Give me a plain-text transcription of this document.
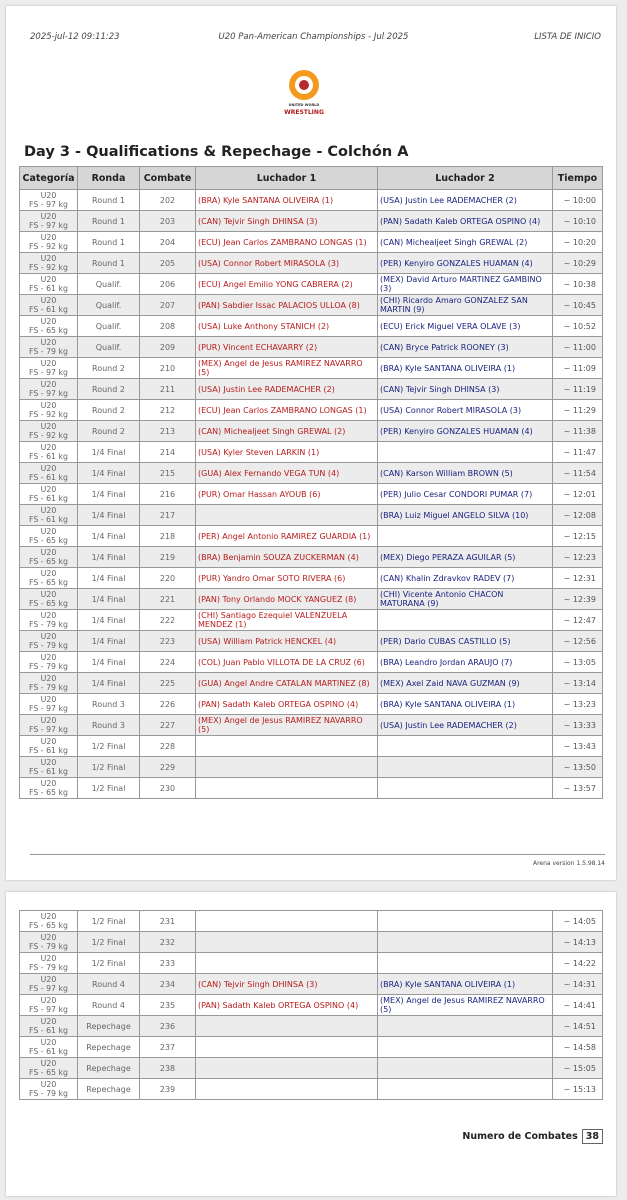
2025-jul-12 09:11:23	U20 Pan-American Championships - Jul 2025	LISTA DE INICIO
UNITED WORLD
WRESTLING
Day 3 - Qualifications & Repechage - Colchón A
Categoría	Ronda	Combate	Luchador 1	Luchador 2	Tiempo

U20
FS - 97 kg	Round 1	202	(BRA) Kyle SANTANA OLIVEIRA (1)	(USA) Justin Lee RADEMACHER (2)	~ 10:00

U20
FS - 97 kg	Round 1	203	(CAN) Tejvir Singh DHINSA (3)	(PAN) Sadath Kaleb ORTEGA OSPINO (4)	~ 10:10

U20
FS - 92 kg	Round 1	204	(ECU) Jean Carlos ZAMBRANO LONGAS (1)	(CAN) Michealjeet Singh GREWAL (2)	~ 10:20

U20
FS - 92 kg	Round 1	205	(USA) Connor Robert MIRASOLA (3)	(PER) Kenyiro GONZALES HUAMAN (4)	~ 10:29

U20
FS - 61 kg	Qualif.	206	(ECU) Angel Emilio YONG CABRERA (2)	(MEX) David Arturo MARTINEZ GAMBINO (3)	~ 10:38

U20
FS - 61 kg	Qualif.	207	(PAN) Sabdier Issac PALACIOS ULLOA (8)	(CHI) Ricardo Amaro GONZALEZ SAN MARTIN (9)	~ 10:45

U20
FS - 65 kg	Qualif.	208	(USA) Luke Anthony STANICH (2)	(ECU) Erick Miguel VERA OLAVE (3)	~ 10:52

U20
FS - 79 kg	Qualif.	209	(PUR) Vincent ECHAVARRY (2)	(CAN) Bryce Patrick ROONEY (3)	~ 11:00

U20
FS - 97 kg	Round 2	210	(MEX) Angel de Jesus RAMIREZ NAVARRO (5)	(BRA) Kyle SANTANA OLIVEIRA (1)	~ 11:09

U20
FS - 97 kg	Round 2	211	(USA) Justin Lee RADEMACHER (2)	(CAN) Tejvir Singh DHINSA (3)	~ 11:19

U20
FS - 92 kg	Round 2	212	(ECU) Jean Carlos ZAMBRANO LONGAS (1)	(USA) Connor Robert MIRASOLA (3)	~ 11:29

U20
FS - 92 kg	Round 2	213	(CAN) Michealjeet Singh GREWAL (2)	(PER) Kenyiro GONZALES HUAMAN (4)	~ 11:38

U20
FS - 61 kg	1/4 Final	214	(USA) Kyler Steven LARKIN (1)		~ 11:47

U20
FS - 61 kg	1/4 Final	215	(GUA) Alex Fernando VEGA TUN (4)	(CAN) Karson William BROWN (5)	~ 11:54

U20
FS - 61 kg	1/4 Final	216	(PUR) Omar Hassan AYOUB (6)	(PER) Julio Cesar CONDORI PUMAR (7)	~ 12:01

U20
FS - 61 kg	1/4 Final	217		(BRA) Luiz Miguel ANGELO SILVA (10)	~ 12:08

U20
FS - 65 kg	1/4 Final	218	(PER) Angel Antonio RAMIREZ GUARDIA (1)		~ 12:15

U20
FS - 65 kg	1/4 Final	219	(BRA) Benjamin SOUZA ZUCKERMAN (4)	(MEX) Diego PERAZA AGUILAR (5)	~ 12:23

U20
FS - 65 kg	1/4 Final	220	(PUR) Yandro Omar SOTO RIVERA (6)	(CAN) Khalin Zdravkov RADEV (7)	~ 12:31

U20
FS - 65 kg	1/4 Final	221	(PAN) Tony Orlando MOCK YANGUEZ (8)	(CHI) Vicente Antonio CHACON MATURANA (9)	~ 12:39

U20
FS - 79 kg	1/4 Final	222	(CHI) Santiago Ezequiel VALENZUELA MENDEZ (1)		~ 12:47

U20
FS - 79 kg	1/4 Final	223	(USA) William Patrick HENCKEL (4)	(PER) Dario CUBAS CASTILLO (5)	~ 12:56

U20
FS - 79 kg	1/4 Final	224	(COL) Juan Pablo VILLOTA DE LA CRUZ (6)	(BRA) Leandro Jordan ARAUJO (7)	~ 13:05

U20
FS - 79 kg	1/4 Final	225	(GUA) Angel Andre CATALAN MARTINEZ (8)	(MEX) Axel Zaid NAVA GUZMAN (9)	~ 13:14

U20
FS - 97 kg	Round 3	226	(PAN) Sadath Kaleb ORTEGA OSPINO (4)	(BRA) Kyle SANTANA OLIVEIRA (1)	~ 13:23

U20
FS - 97 kg	Round 3	227	(MEX) Angel de Jesus RAMIREZ NAVARRO (5)	(USA) Justin Lee RADEMACHER (2)	~ 13:33

U20
FS - 61 kg	1/2 Final	228			~ 13:43

U20
FS - 61 kg	1/2 Final	229			~ 13:50

U20
FS - 65 kg	1/2 Final	230			~ 13:57
Arena version 1.5.98.14
U20
FS - 65 kg	1/2 Final	231			~ 14:05

U20
FS - 79 kg	1/2 Final	232			~ 14:13

U20
FS - 79 kg	1/2 Final	233			~ 14:22

U20
FS - 97 kg	Round 4	234	(CAN) Tejvir Singh DHINSA (3)	(BRA) Kyle SANTANA OLIVEIRA (1)	~ 14:31

U20
FS - 97 kg	Round 4	235	(PAN) Sadath Kaleb ORTEGA OSPINO (4)	(MEX) Angel de Jesus RAMIREZ NAVARRO (5)	~ 14:41

U20
FS - 61 kg	Repechage	236			~ 14:51

U20
FS - 61 kg	Repechage	237			~ 14:58

U20
FS - 65 kg	Repechage	238			~ 15:05

U20
FS - 79 kg	Repechage	239			~ 15:13
Numero de Combates 38
